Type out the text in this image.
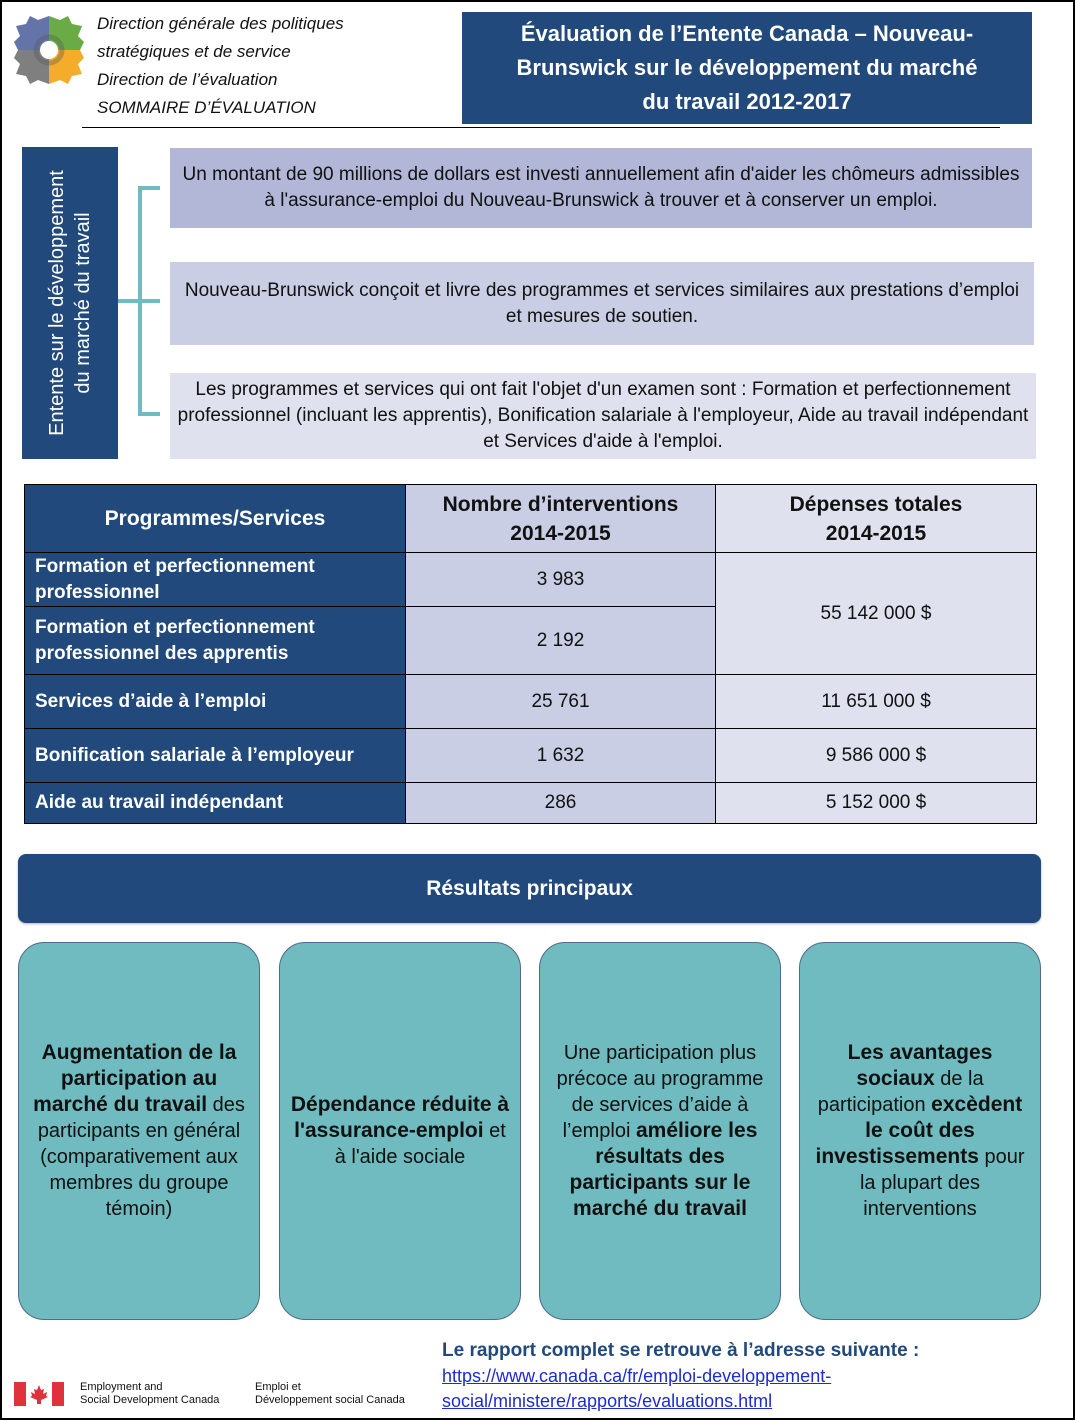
Direction générale des politiques
stratégiques et de service
Direction de l’évaluation
SOMMAIRE D’ÉVALUATION
Évaluation de l’Entente Canada – Nouveau-
Brunswick sur le développement du marché
du travail 2012-2017
Entente sur le développement du marché du travail
Un montant de 90 millions de dollars est investi annuellement afin d'aider les chômeurs admissibles à l'assurance-emploi du Nouveau-Brunswick à trouver et à conserver un emploi.
Nouveau-Brunswick conçoit et livre des programmes et services similaires aux prestations d’emploi et mesures de soutien.
Les programmes et services qui ont fait l'objet d'un examen sont : Formation et perfectionnement professionnel (incluant les apprentis), Bonification salariale à l'employeur, Aide au travail indépendant et Services d'aide à l'emploi.
Programmes/Services	
Nombre d’interventions
2014-2015

Dépenses totales
2014-2015

Formation et perfectionnement professionnel	3 983	55 142 000 $
Formation et perfectionnement professionnel des apprentis	2 192	
Services d’aide à l’emploi	25 761	11 651 000 $
Bonification salariale à l’employeur	1 632	9 586 000 $
Aide au travail indépendant	286	5 152 000 $
Résultats principaux
Augmentation de la participation au marché du travail des participants en général (comparativement aux membres du groupe témoin)
Dépendance réduite à l'assurance-emploi et à l'aide sociale
Une participation plus précoce au programme de services d’aide à l’emploi améliore les résultats des participants sur le marché du travail
Les avantages sociaux de la participation excèdent le coût des investissements pour la plupart des interventions
Employment and
Social Development Canada
Emploi et
Développement social Canada
Le rapport complet se retrouve à l’adresse suivante :
https://www.canada.ca/fr/emploi-developpement-
social/ministere/rapports/evaluations.html
